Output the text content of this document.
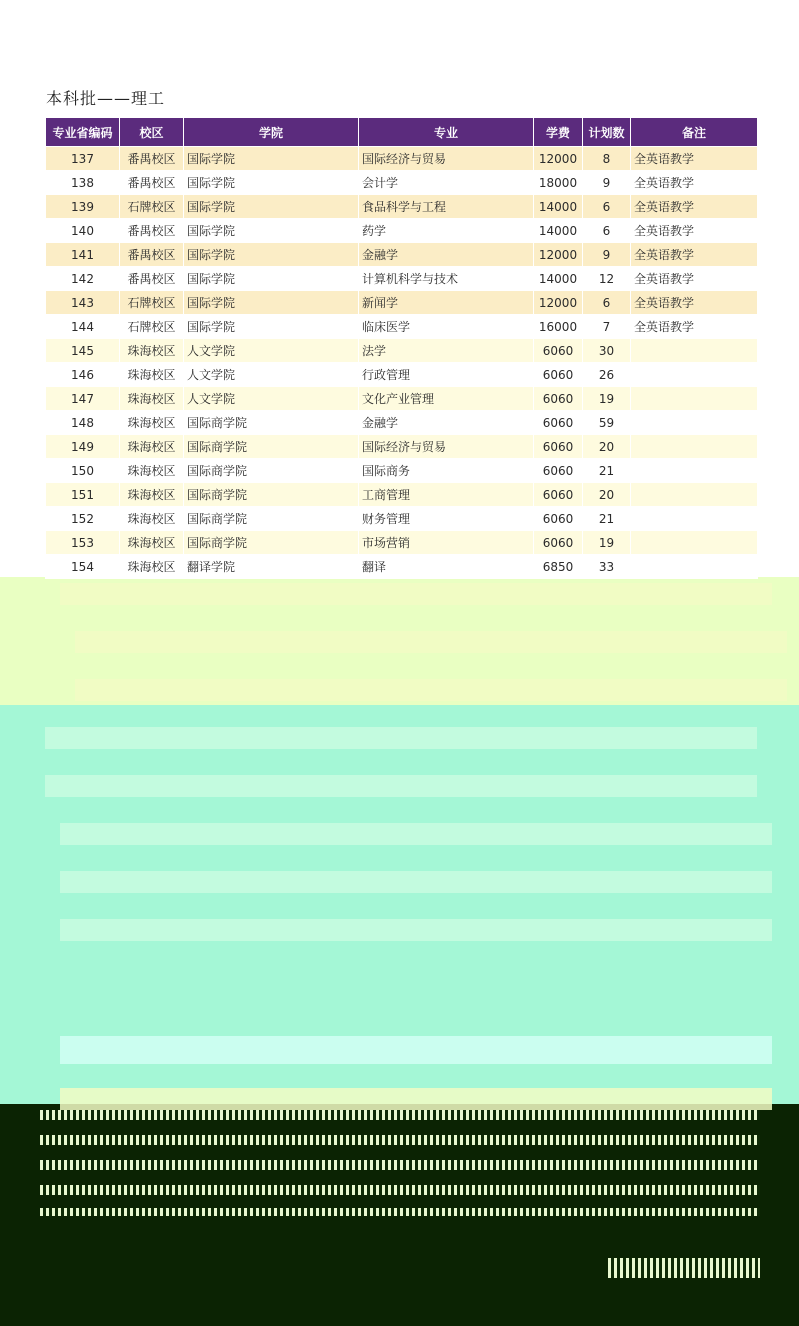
本科批——理工
专业省编码	校区	学院	专业	学费	计划数	备注
137	番禺校区	国际学院	国际经济与贸易	12000	8	全英语教学
138	番禺校区	国际学院	会计学	18000	9	全英语教学
139	石牌校区	国际学院	食品科学与工程	14000	6	全英语教学
140	番禺校区	国际学院	药学	14000	6	全英语教学
141	番禺校区	国际学院	金融学	12000	9	全英语教学
142	番禺校区	国际学院	计算机科学与技术	14000	12	全英语教学
143	石牌校区	国际学院	新闻学	12000	6	全英语教学
144	石牌校区	国际学院	临床医学	16000	7	全英语教学
145	珠海校区	人文学院	法学	6060	30	
146	珠海校区	人文学院	行政管理	6060	26	
147	珠海校区	人文学院	文化产业管理	6060	19	
148	珠海校区	国际商学院	金融学	6060	59	
149	珠海校区	国际商学院	国际经济与贸易	6060	20	
150	珠海校区	国际商学院	国际商务	6060	21	
151	珠海校区	国际商学院	工商管理	6060	20	
152	珠海校区	国际商学院	财务管理	6060	21	
153	珠海校区	国际商学院	市场营销	6060	19	
154	珠海校区	翻译学院	翻译	6850	33	
